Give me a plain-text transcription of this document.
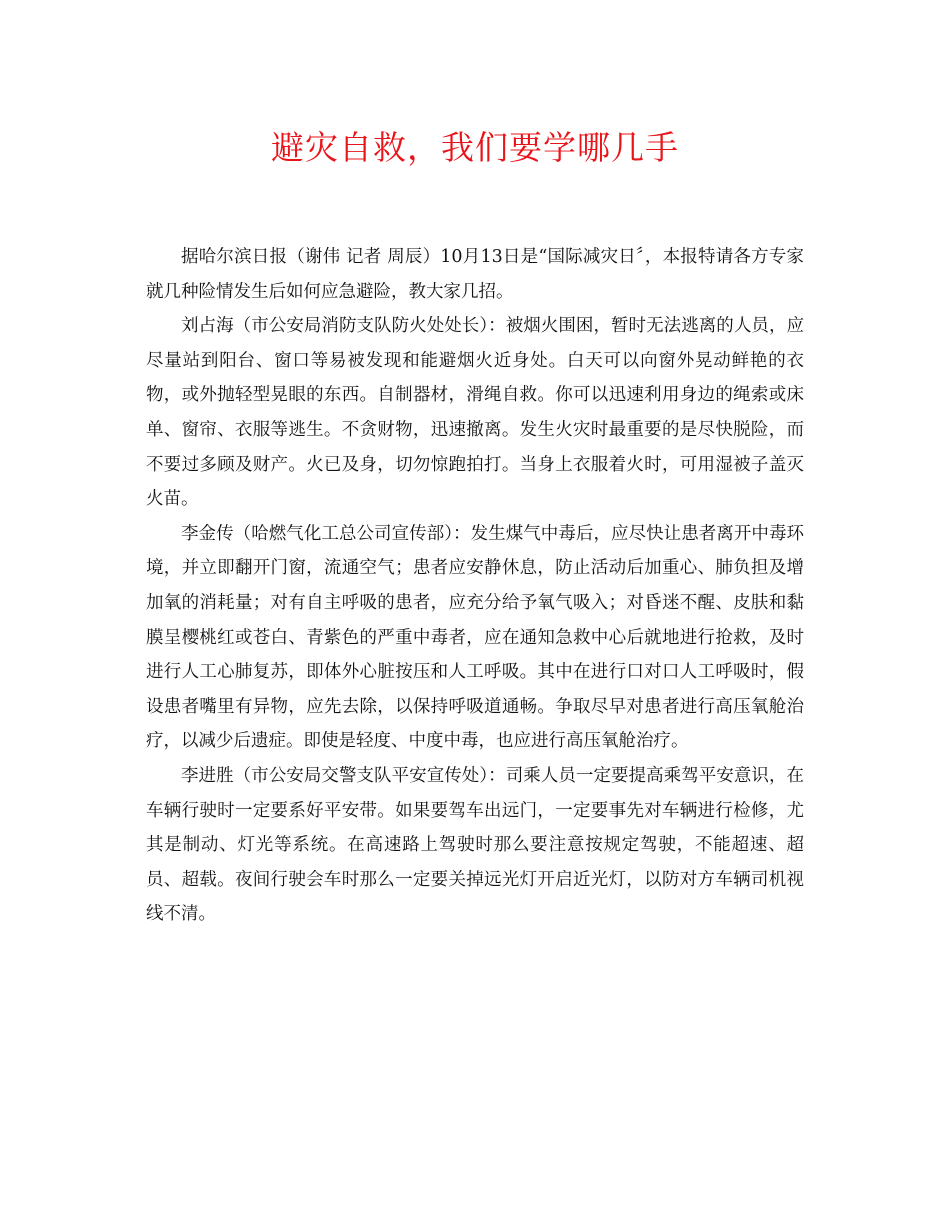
避灾自救，我们要学哪几手

据哈尔滨日报（谢伟 记者 周辰）10月13日是“国际减灾日〞，本报特请各方专家就几种险情发生后如何应急避险，教大家几招。

刘占海（市公安局消防支队防火处处长）：被烟火围困，暂时无法逃离的人员，应尽量站到阳台、窗口等易被发现和能避烟火近身处。白天可以向窗外晃动鲜艳的衣物，或外抛轻型晃眼的东西。自制器材，滑绳自救。你可以迅速利用身边的绳索或床单、窗帘、衣服等逃生。不贪财物，迅速撤离。发生火灾时最重要的是尽快脱险，而不要过多顾及财产。火已及身，切勿惊跑拍打。当身上衣服着火时，可用湿被子盖灭火苗。

李金传（哈燃气化工总公司宣传部）：发生煤气中毒后，应尽快让患者离开中毒环境，并立即翻开门窗，流通空气；患者应安静休息，防止活动后加重心、肺负担及增加氧的消耗量；对有自主呼吸的患者，应充分给予氧气吸入；对昏迷不醒、皮肤和黏膜呈樱桃红或苍白、青紫色的严重中毒者，应在通知急救中心后就地进行抢救，及时进行人工心肺复苏，即体外心脏按压和人工呼吸。其中在进行口对口人工呼吸时，假设患者嘴里有异物，应先去除，以保持呼吸道通畅。争取尽早对患者进行高压氧舱治疗，以减少后遗症。即使是轻度、中度中毒，也应进行高压氧舱治疗。

李进胜（市公安局交警支队平安宣传处）：司乘人员一定要提高乘驾平安意识，在车辆行驶时一定要系好平安带。如果要驾车出远门，一定要事先对车辆进行检修，尤其是制动、灯光等系统。在高速路上驾驶时那么要注意按规定驾驶，不能超速、超员、超载。夜间行驶会车时那么一定要关掉远光灯开启近光灯，以防对方车辆司机视线不清。
